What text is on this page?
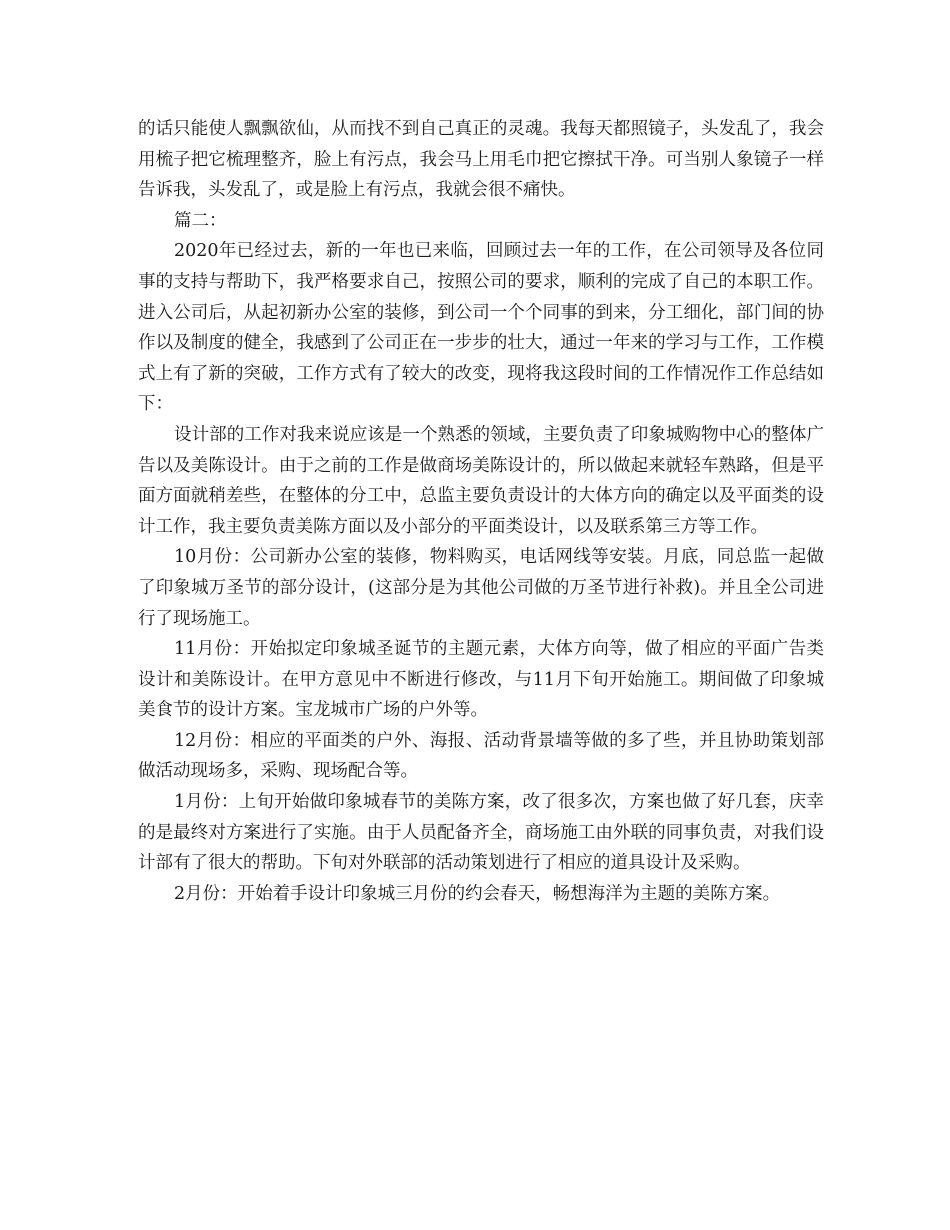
的话只能使人飘飘欲仙，从而找不到自己真正的灵魂。我每天都照镜子，头发乱了，我会用梳子把它梳理整齐，脸上有污点，我会马上用毛巾把它擦拭干净。可当别人象镜子一样告诉我，头发乱了，或是脸上有污点，我就会很不痛快。

篇二：

2020年已经过去，新的一年也已来临，回顾过去一年的工作，在公司领导及各位同事的支持与帮助下，我严格要求自己，按照公司的要求，顺利的完成了自己的本职工作。进入公司后，从起初新办公室的装修，到公司一个个同事的到来，分工细化，部门间的协作以及制度的健全，我感到了公司正在一步步的壮大，通过一年来的学习与工作，工作模式上有了新的突破，工作方式有了较大的改变，现将我这段时间的工作情况作工作总结如下：

设计部的工作对我来说应该是一个熟悉的领域，主要负责了印象城购物中心的整体广告以及美陈设计。由于之前的工作是做商场美陈设计的，所以做起来就轻车熟路，但是平面方面就稍差些，在整体的分工中，总监主要负责设计的大体方向的确定以及平面类的设计工作，我主要负责美陈方面以及小部分的平面类设计，以及联系第三方等工作。

10月份：公司新办公室的装修，物料购买，电话网线等安装。月底，同总监一起做了印象城万圣节的部分设计，(这部分是为其他公司做的万圣节进行补救)。并且全公司进行了现场施工。

11月份：开始拟定印象城圣诞节的主题元素，大体方向等，做了相应的平面广告类设计和美陈设计。在甲方意见中不断进行修改，与11月下旬开始施工。期间做了印象城美食节的设计方案。宝龙城市广场的户外等。

12月份：相应的平面类的户外、海报、活动背景墙等做的多了些，并且协助策划部做活动现场多，采购、现场配合等。

1月份：上旬开始做印象城春节的美陈方案，改了很多次，方案也做了好几套，庆幸的是最终对方案进行了实施。由于人员配备齐全，商场施工由外联的同事负责，对我们设计部有了很大的帮助。下旬对外联部的活动策划进行了相应的道具设计及采购。

2月份：开始着手设计印象城三月份的约会春天，畅想海洋为主题的美陈方案。
